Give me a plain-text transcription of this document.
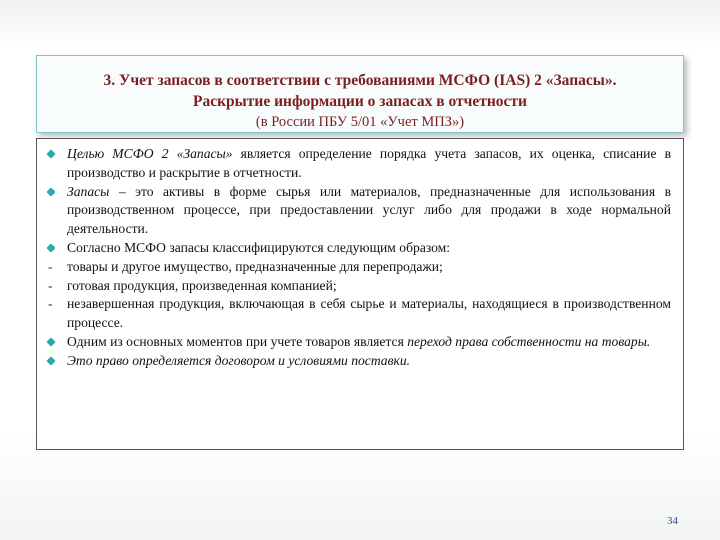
3. Учет запасов в соответствии с требованиями МСФО (IAS) 2 «Запасы».
Раскрытие информации о запасах в отчетности
(в России ПБУ 5/01 «Учет МПЗ»)
Целью МСФО 2 «Запасы» является определение порядка учета запасов, их оценка, списание в производство и раскрытие в отчетности.
Запасы – это активы в форме сырья или материалов, предназначенные для использования в производственном процессе, при предоставлении услуг либо для продажи в ходе нормальной деятельности.
Согласно МСФО запасы классифицируются следующим образом:
- товары и другое имущество, предназначенные для перепродажи;
- готовая продукция, произведенная компанией;
- незавершенная продукция, включающая в себя сырье и материалы, находящиеся в производственном процессе.
Одним из основных моментов при учете товаров является переход права собственности на товары.
Это право определяется договором и условиями поставки.
34
